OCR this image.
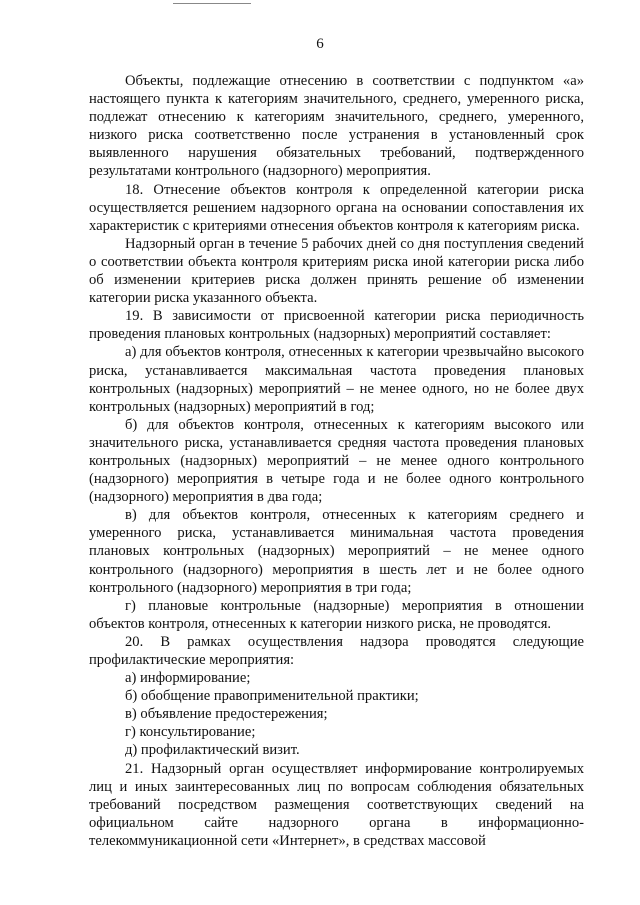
6

Объекты, подлежащие отнесению в соответствии с подпунктом «а» настоящего пункта к категориям значительного, среднего, умеренного риска, подлежат отнесению к категориям значительного, среднего, умеренного, низкого риска соответственно после устранения в установленный срок выявленного нарушения обязательных требований, подтвержденного результатами контрольного (надзорного) мероприятия.

18. Отнесение объектов контроля к определенной категории риска осуществляется решением надзорного органа на основании сопоставления их характеристик с критериями отнесения объектов контроля к категориям риска.

Надзорный орган в течение 5 рабочих дней со дня поступления сведений о соответствии объекта контроля критериям риска иной категории риска либо об изменении критериев риска должен принять решение об изменении категории риска указанного объекта.

19. В зависимости от присвоенной категории риска периодичность проведения плановых контрольных (надзорных) мероприятий составляет:

а) для объектов контроля, отнесенных к категории чрезвычайно высокого риска, устанавливается максимальная частота проведения плановых контрольных (надзорных) мероприятий – не менее одного, но не более двух контрольных (надзорных) мероприятий в год;

б) для объектов контроля, отнесенных к категориям высокого или значительного риска, устанавливается средняя частота проведения плановых контрольных (надзорных) мероприятий – не менее одного контрольного (надзорного) мероприятия в четыре года и не более одного контрольного (надзорного) мероприятия в два года;

в) для объектов контроля, отнесенных к категориям среднего и умеренного риска, устанавливается минимальная частота проведения плановых контрольных (надзорных) мероприятий – не менее одного контрольного (надзорного) мероприятия в шесть лет и не более одного контрольного (надзорного) мероприятия в три года;

г) плановые контрольные (надзорные) мероприятия в отношении объектов контроля, отнесенных к категории низкого риска, не проводятся.

20. В рамках осуществления надзора проводятся следующие профилактические мероприятия:

а) информирование;

б) обобщение правоприменительной практики;

в) объявление предостережения;

г) консультирование;

д) профилактический визит.

21. Надзорный орган осуществляет информирование контролируемых лиц и иных заинтересованных лиц по вопросам соблюдения обязательных требований посредством размещения соответствующих сведений на официальном сайте надзорного органа в информационно-телекоммуникационной сети «Интернет», в средствах массовой
